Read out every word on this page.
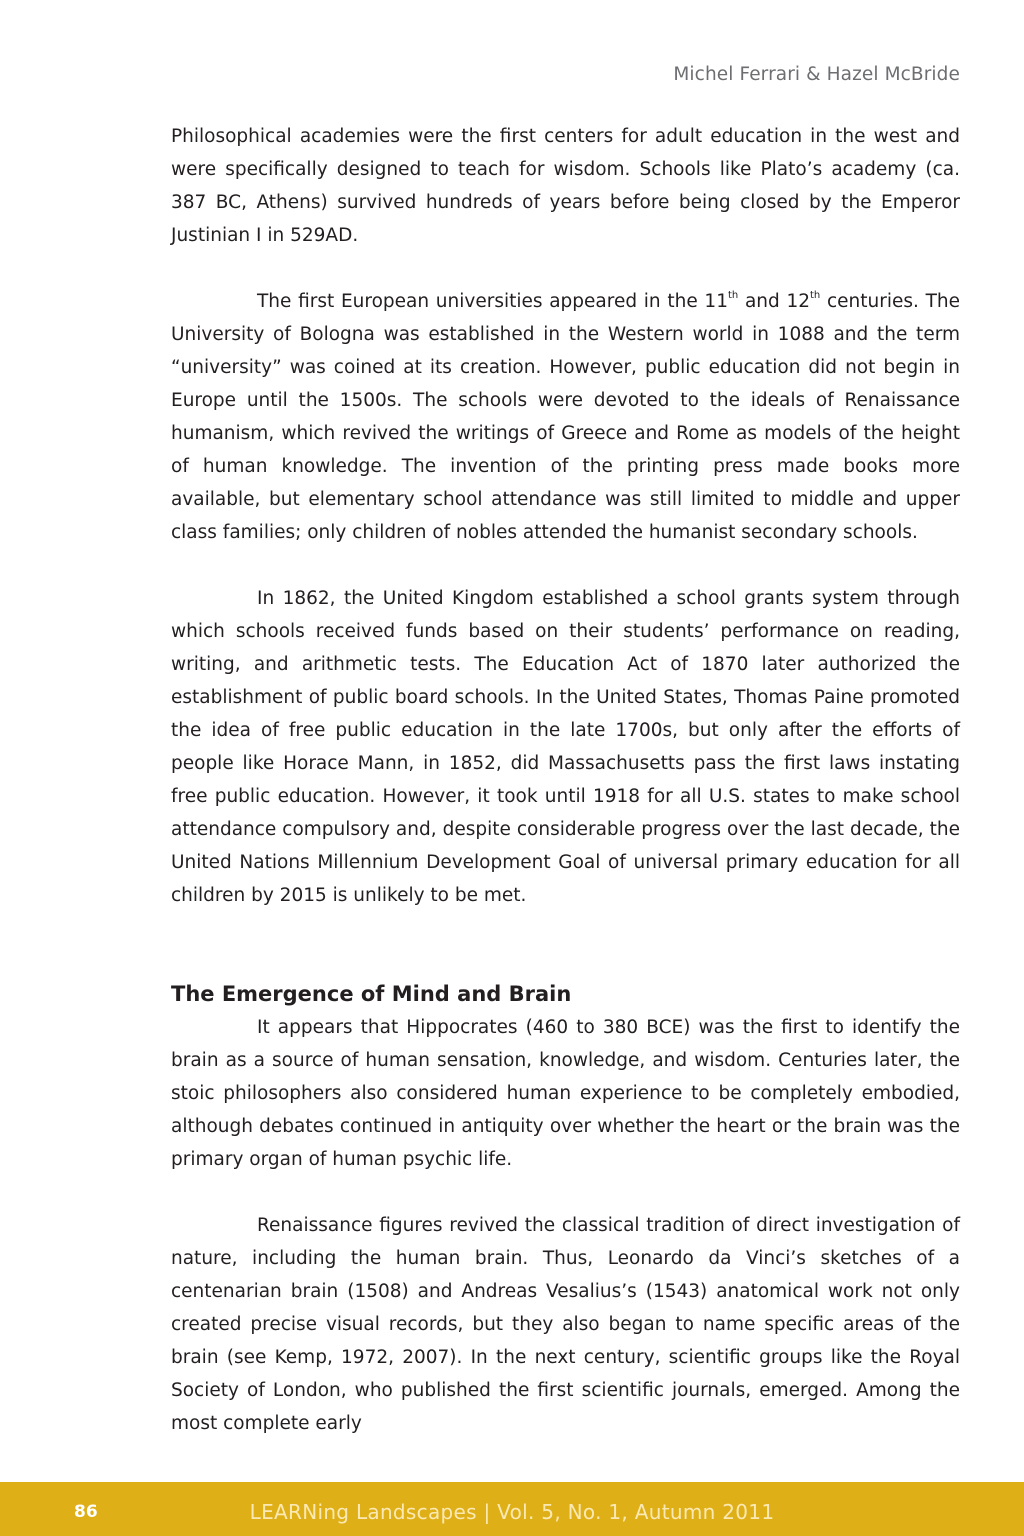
Michel Ferrari & Hazel McBride

Philosophical academies were the first centers for adult education in the west and were specifically designed to teach for wisdom. Schools like Plato’s academy (ca. 387 BC, Athens) survived hundreds of years before being closed by the Emperor Justinian I in 529AD.

The first European universities appeared in the 11th and 12th centuries. The University of Bologna was established in the Western world in 1088 and the term “university” was coined at its creation. However, public education did not begin in Europe until the 1500s. The schools were devoted to the ideals of Renaissance humanism, which revived the writings of Greece and Rome as models of the height of human knowledge. The invention of the printing press made books more available, but elementary school attendance was still limited to middle and upper class families; only children of nobles attended the humanist secondary schools.

In 1862, the United Kingdom established a school grants system through which schools received funds based on their students’ performance on reading, writing, and arithmetic tests. The Education Act of 1870 later authorized the establishment of public board schools. In the United States, Thomas Paine promoted the idea of free public education in the late 1700s, but only after the efforts of people like Horace Mann, in 1852, did Massachusetts pass the first laws instating free public education. However, it took until 1918 for all U.S. states to make school attendance compulsory and, despite considerable progress over the last decade, the United Nations Millennium Development Goal of universal primary education for all children by 2015 is unlikely to be met.

The Emergence of Mind and Brain

It appears that Hippocrates (460 to 380 BCE) was the first to identify the brain as a source of human sensation, knowledge, and wisdom. Centuries later, the stoic philosophers also considered human experience to be completely embodied, although debates continued in antiquity over whether the heart or the brain was the primary organ of human psychic life.

Renaissance figures revived the classical tradition of direct investigation of nature, including the human brain. Thus, Leonardo da Vinci’s sketches of a centenarian brain (1508) and Andreas Vesalius’s (1543) anatomical work not only created precise visual records, but they also began to name specific areas of the brain (see Kemp, 1972, 2007). In the next century, scientific groups like the Royal Society of London, who published the first scientific journals, emerged. Among the most complete early

86	LEARNing Landscapes | Vol. 5, No. 1, Autumn 2011
